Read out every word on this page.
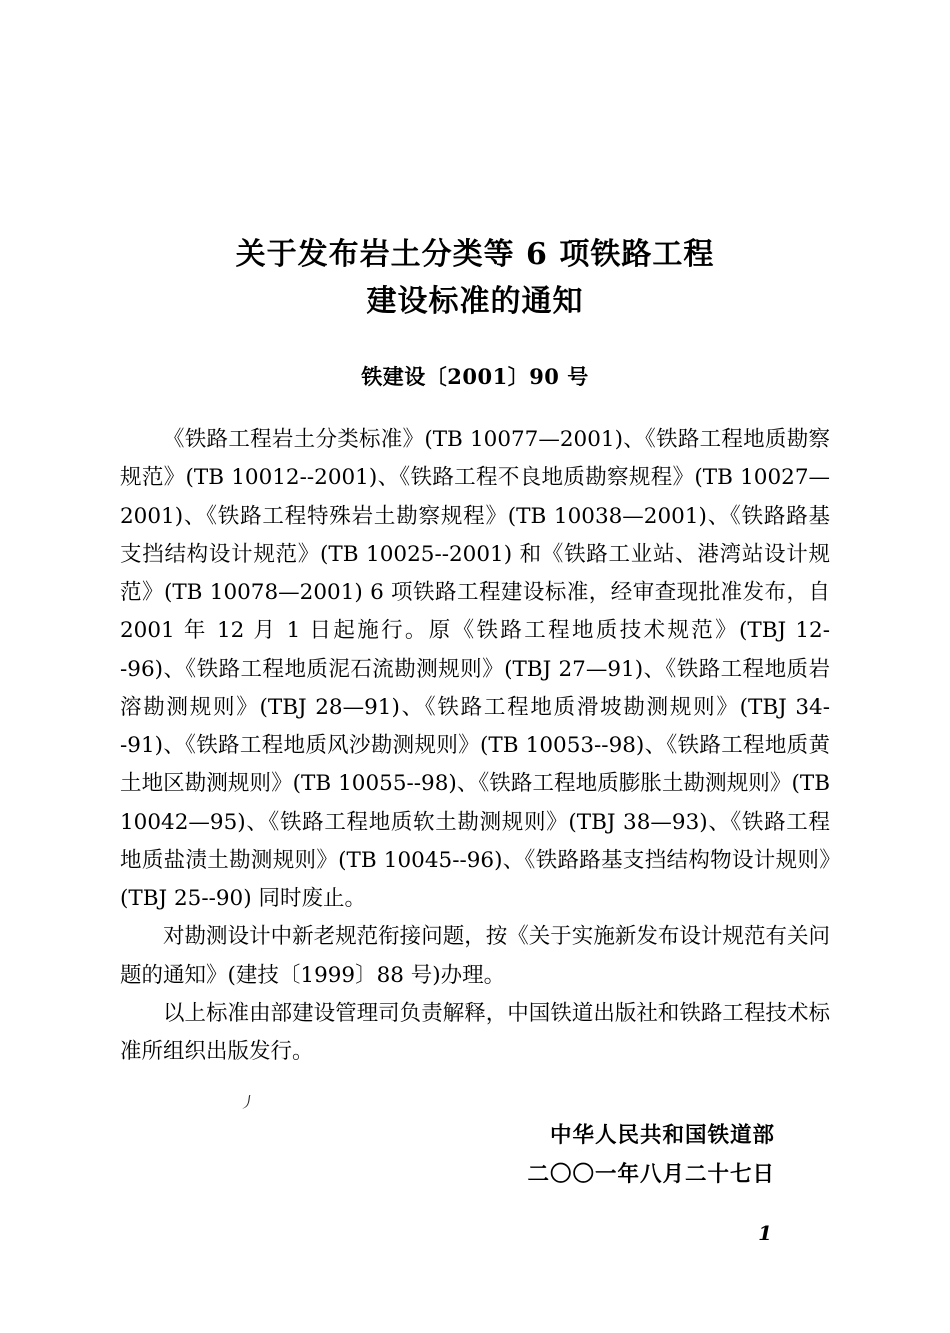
关于发布岩土分类等 6 项铁路工程
建设标准的通知
铁建设〔2001〕90 号

《铁路工程岩土分类标准》(TB 10077—2001)、《铁路工程地质勘察规范》(TB 10012--2001)、《铁路工程不良地质勘察规程》(TB 10027—2001)、《铁路工程特殊岩土勘察规程》(TB 10038—2001)、《铁路路基支挡结构设计规范》(TB 10025--2001) 和《铁路工业站、港湾站设计规范》(TB 10078—2001) 6 项铁路工程建设标准，经审查现批准发布，自 2001 年 12 月 1 日起施行。原《铁路工程地质技术规范》(TBJ 12--96)、《铁路工程地质泥石流勘测规则》(TBJ 27—91)、《铁路工程地质岩溶勘测规则》(TBJ 28—91)、《铁路工程地质滑坡勘测规则》(TBJ 34--91)、《铁路工程地质风沙勘测规则》(TB 10053--98)、《铁路工程地质黄土地区勘测规则》(TB 10055--98)、《铁路工程地质膨胀土勘测规则》(TB 10042—95)、《铁路工程地质软土勘测规则》(TBJ 38—93)、《铁路工程地质盐渍土勘测规则》(TB 10045--96)、《铁路路基支挡结构物设计规则》(TBJ 25--90) 同时废止。

对勘测设计中新老规范衔接问题，按《关于实施新发布设计规范有关问题的通知》(建技〔1999〕88 号)办理。

以上标准由部建设管理司负责解释，中国铁道出版社和铁路工程技术标准所组织出版发行。

中华人民共和国铁道部
二〇〇一年八月二十七日
丿
1
